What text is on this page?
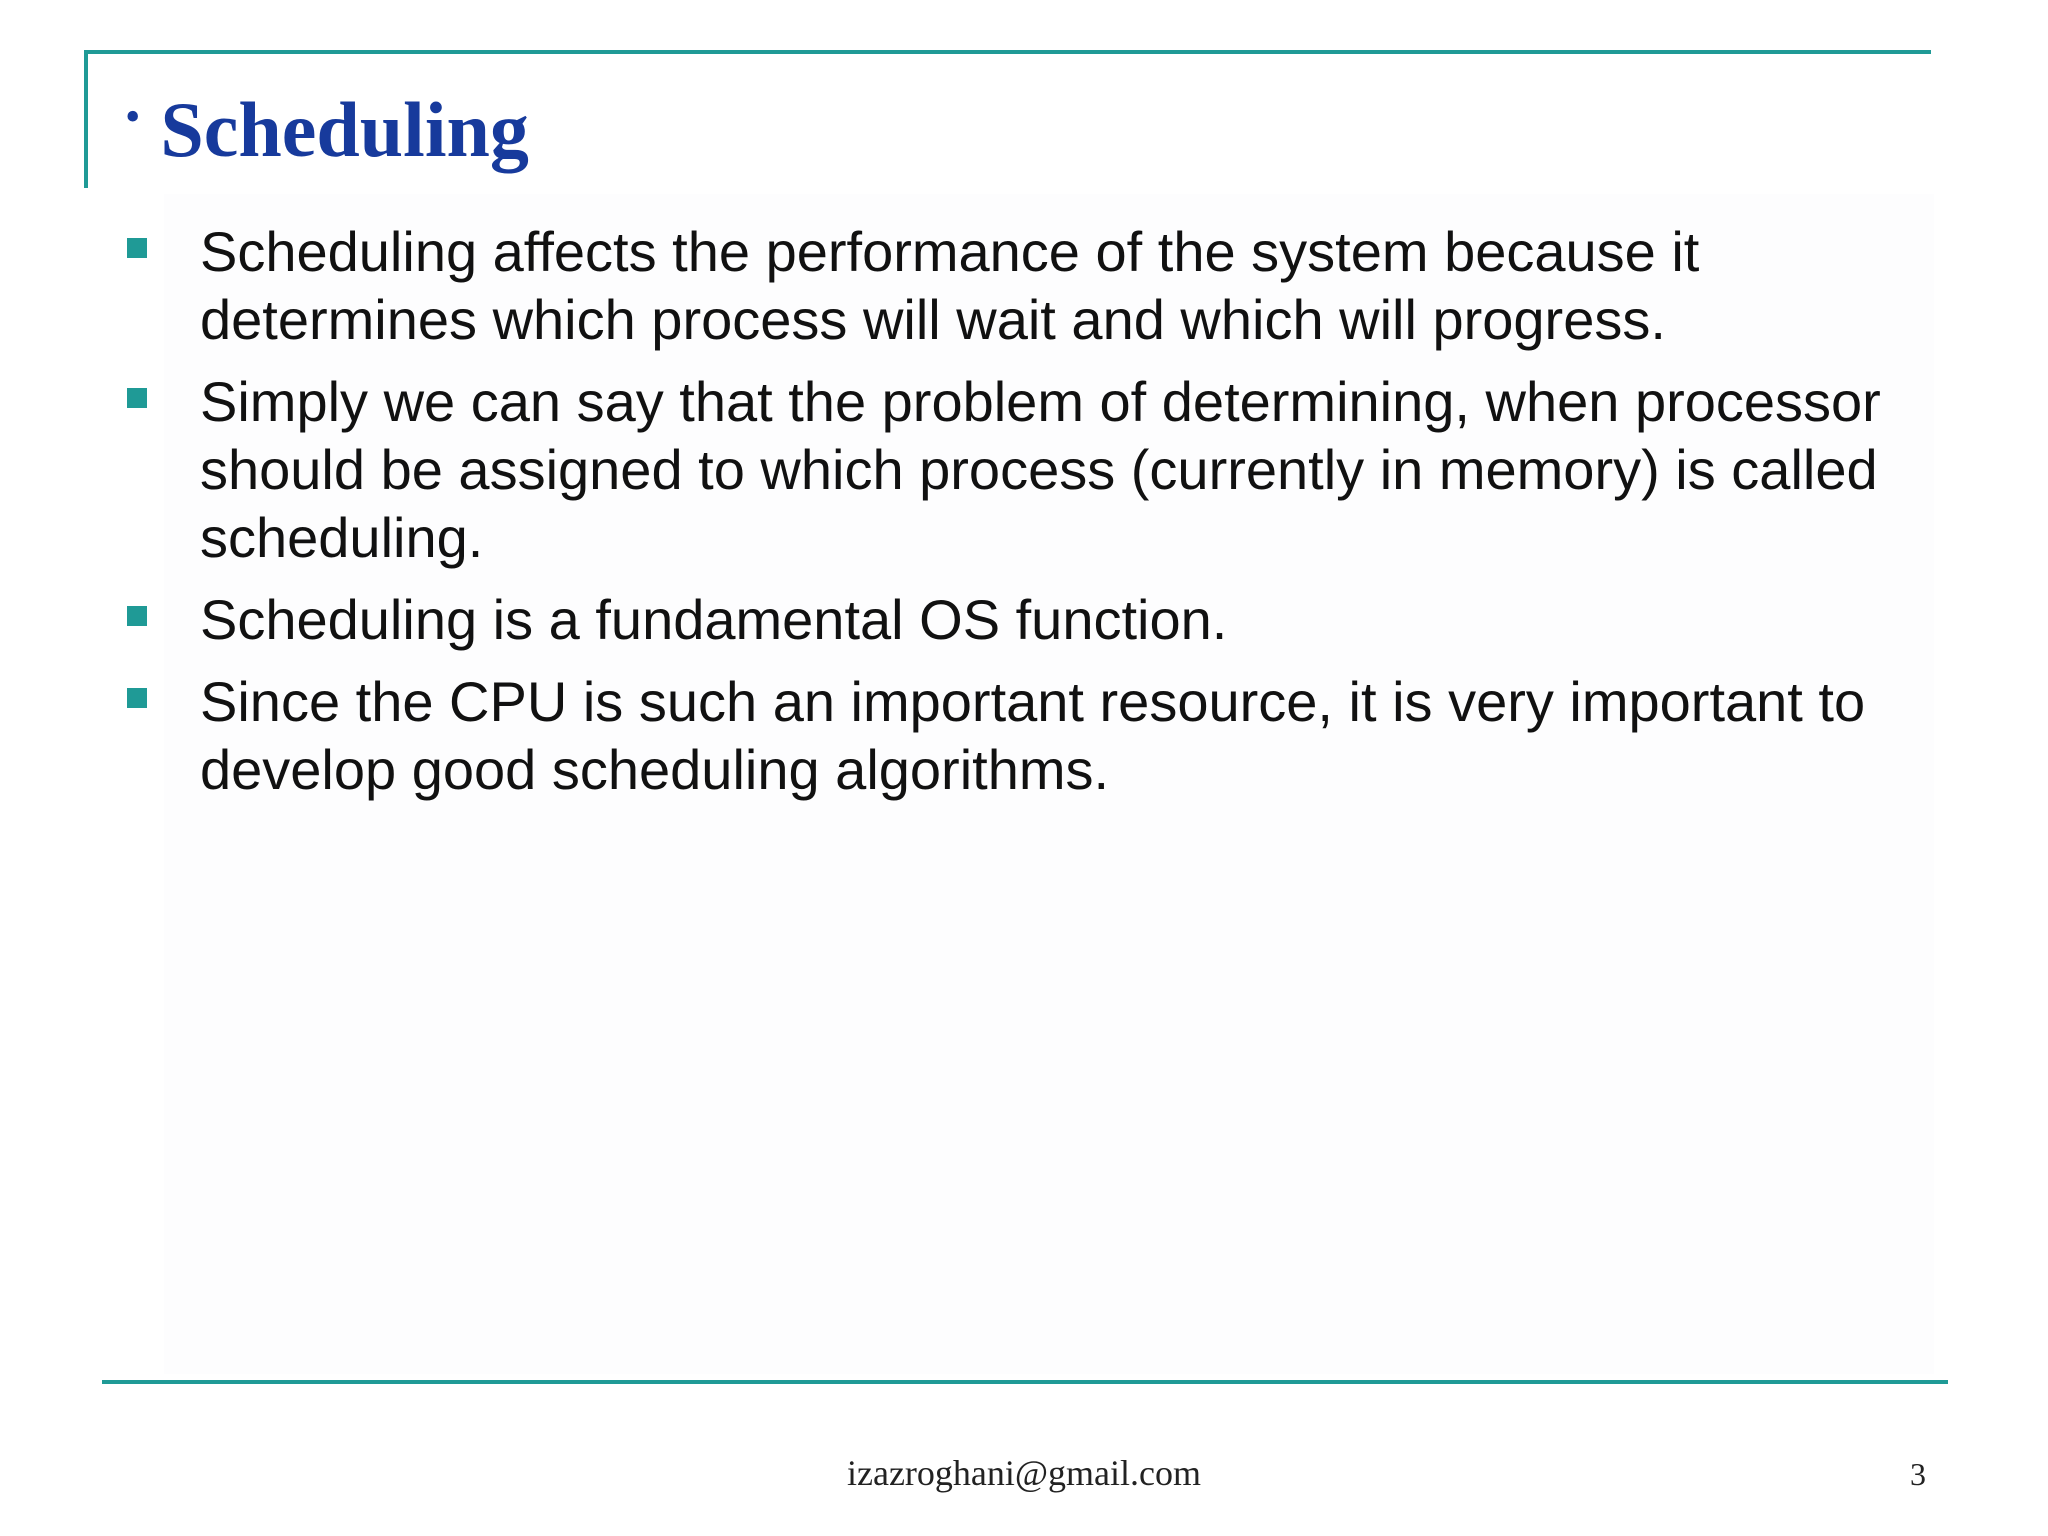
• Scheduling
Scheduling affects the performance of the system because it determines which process will wait and which will progress.
Simply we can say that the problem of determining, when processor should be assigned to which process (currently in memory) is called scheduling.
Scheduling is a fundamental OS function.
Since the CPU is such an important resource, it is very important to develop good scheduling algorithms.
izazroghani@gmail.com	3
